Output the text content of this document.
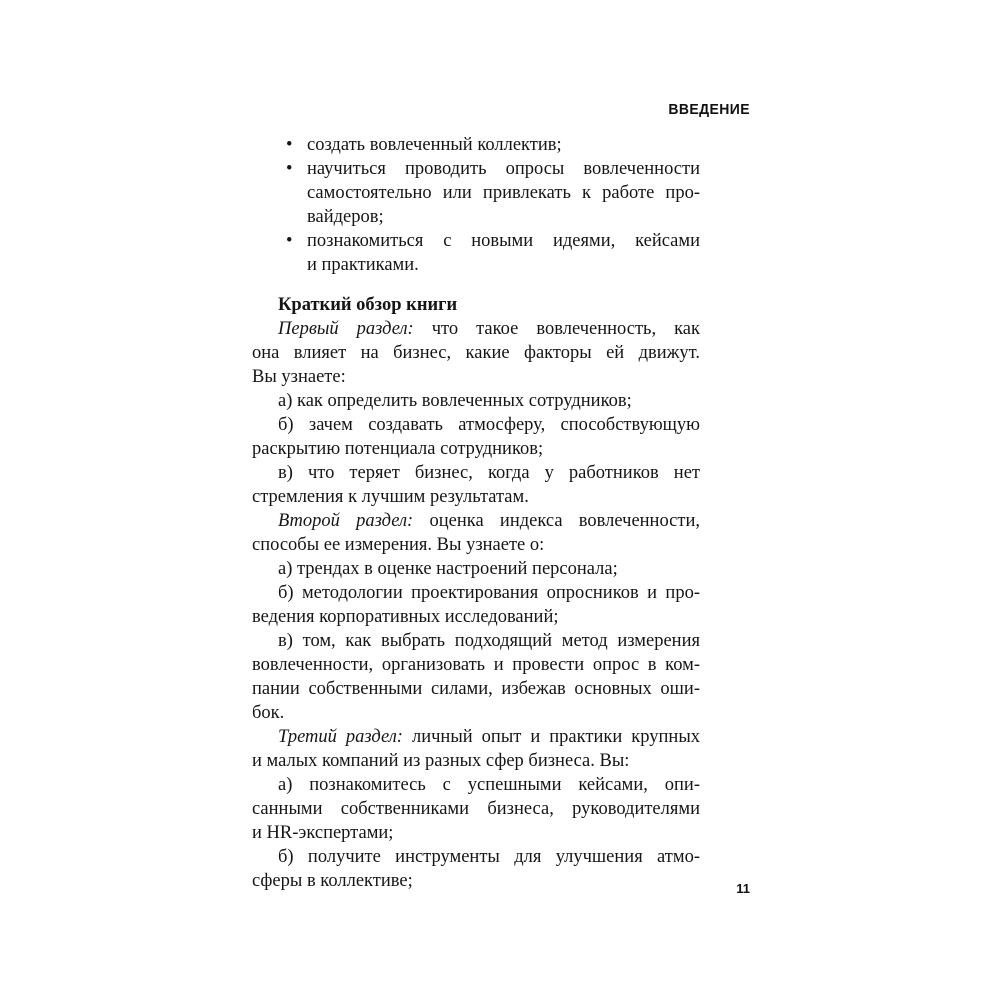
ВВЕДЕНИЕ
• создать вовлеченный коллектив;
• научиться проводить опросы вовлеченности
самостоятельно или привлекать к работе про-
вайдеров;
• познакомиться с новыми идеями, кейсами
и практиками.
Краткий обзор книги
Первый раздел: что такое вовлеченность, как
она влияет на бизнес, какие факторы ей движут.
Вы узнаете:
а) как определить вовлеченных сотрудников;
б) зачем создавать атмосферу, способствующую
раскрытию потенциала сотрудников;
в) что теряет бизнес, когда у работников нет
стремления к лучшим результатам.
Второй раздел: оценка индекса вовлеченности,
способы ее измерения. Вы узнаете о:
а) трендах в оценке настроений персонала;
б) методологии проектирования опросников и про-
ведения корпоративных исследований;
в) том, как выбрать подходящий метод измерения
вовлеченности, организовать и провести опрос в ком-
пании собственными силами, избежав основных оши-
бок.
Третий раздел: личный опыт и практики крупных
и малых компаний из разных сфер бизнеса. Вы:
а) познакомитесь с успешными кейсами, опи-
санными собственниками бизнеса, руководителями
и HR-экспертами;
б) получите инструменты для улучшения атмо-
сферы в коллективе;	11
